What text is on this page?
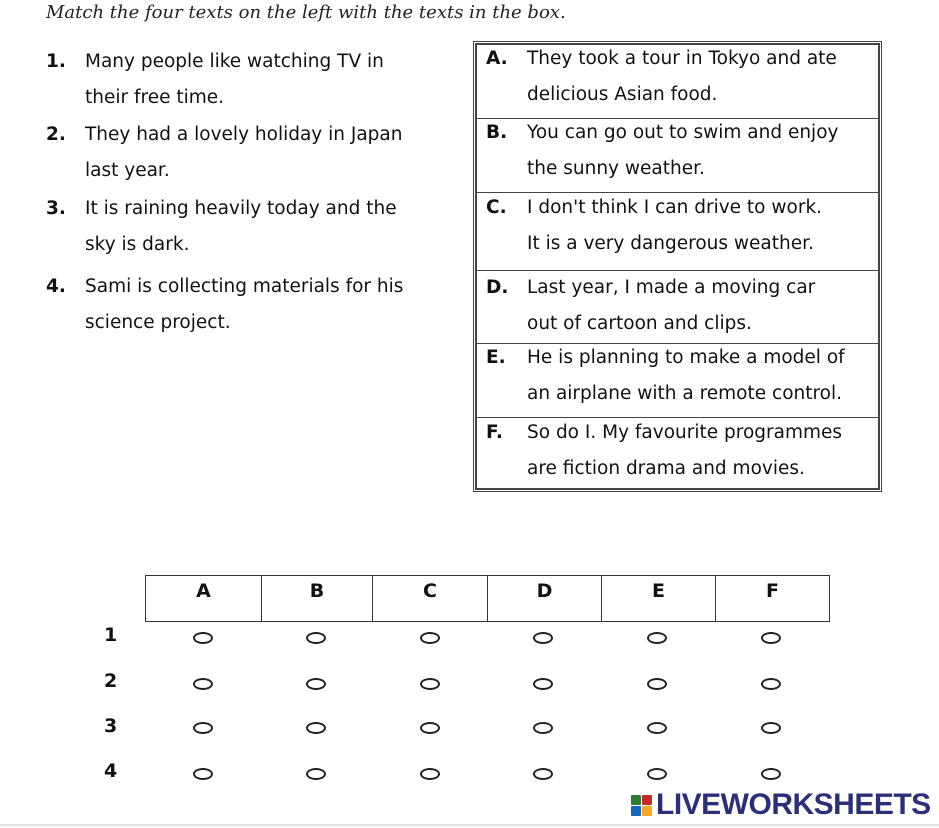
Match the four texts on the left with the texts in the box.
1. Many people like watching TV in
their free time.
2. They had a lovely holiday in Japan
last year.
3. It is raining heavily today and the
sky is dark.
4. Sami is collecting materials for his
science project.
A. They took a tour in Tokyo and ate
delicious Asian food.
B. You can go out to swim and enjoy
the sunny weather.
C. I don't think I can drive to work.
It is a very dangerous weather.
D. Last year, I made a moving car
out of cartoon and clips.
E. He is planning to make a model of
an airplane with a remote control.
F. So do I. My favourite programmes
are fiction drama and movies.
A	B	C	D	E	F
1
2
3
4
LIVEWORKSHEETS
